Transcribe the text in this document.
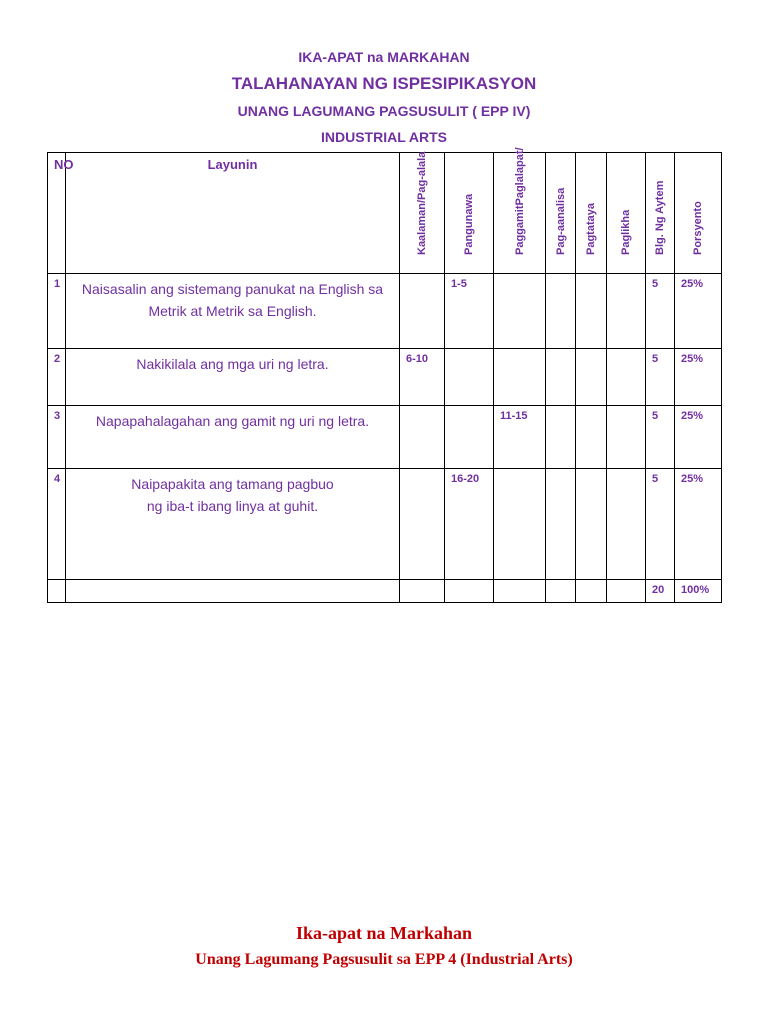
IKA-APAT na MARKAHAN
TALAHANAYAN NG ISPESIPIKASYON
UNANG LAGUMANG PAGSUSULIT ( EPP IV)
INDUSTRIAL ARTS
NO	Layunin	Kaalaman/Pag-alala	Pangunawa	PaggamitPaglalapat/	Pag-aanalisa	Pagtataya	Paglikha	Blg. Ng Aytem	Porsyento

1	Naisasalin ang sistemang panukat na English sa Metrik at Metrik sa English.		1-5					5	25%
2	Nakikilala ang mga uri ng letra.	6-10						5	25%
3	Napapahalagahan ang gamit ng uri ng letra.			11-15				5	25%
4	Naipapakita ang tamang pagbuo ng iba-t ibang linya at guhit.		16-20					5	25%
								20	100%
Ika-apat na Markahan
Unang Lagumang Pagsusulit sa EPP 4 (Industrial Arts)
